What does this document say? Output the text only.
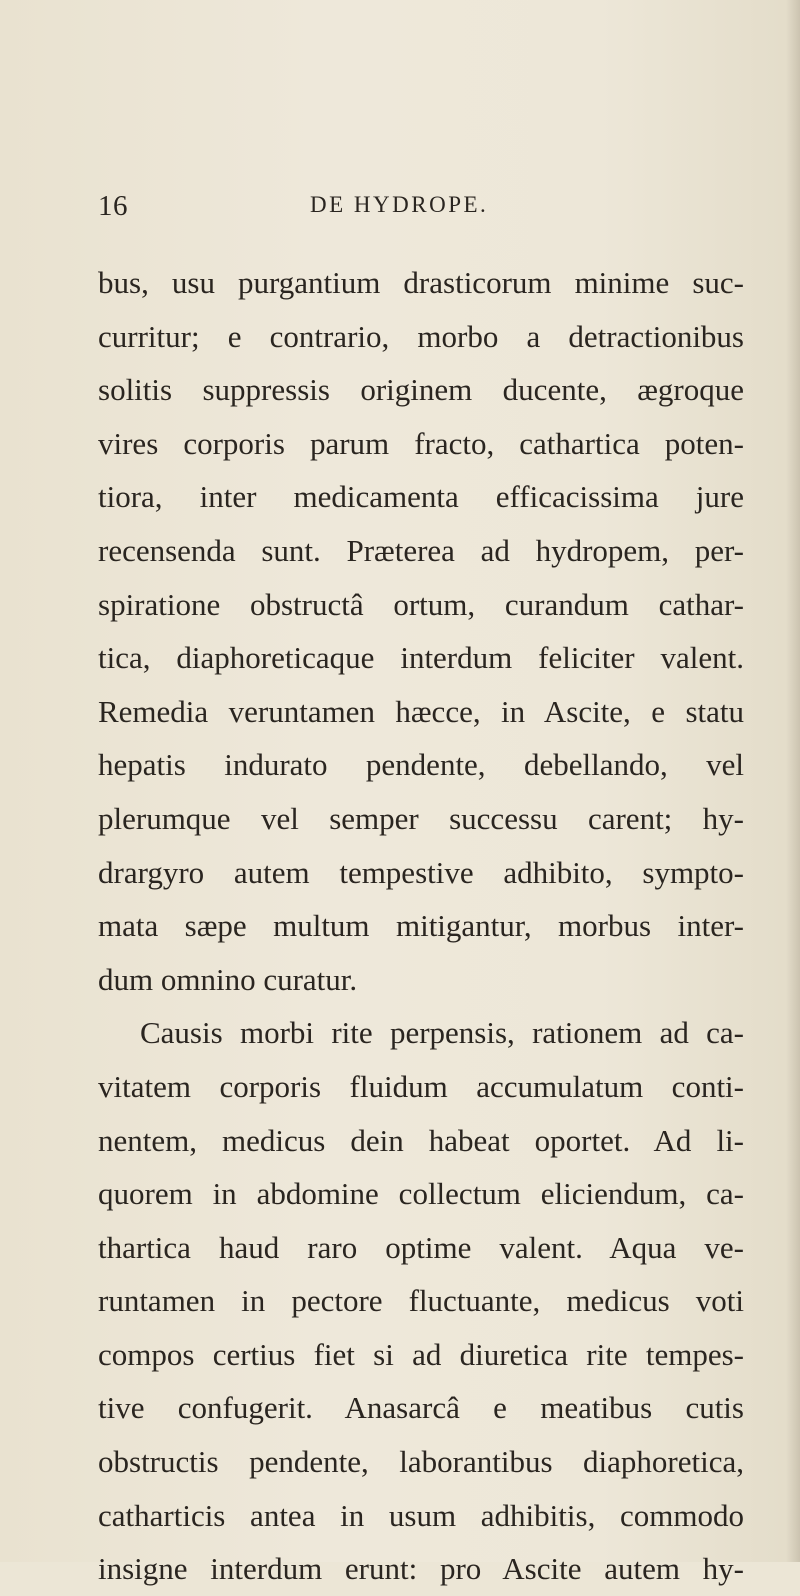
16	DE HYDROPE.
bus, usu purgantium drasticorum minime suc-
curritur; e contrario, morbo a detractionibus
solitis suppressis originem ducente, ægroque
vires corporis parum fracto, cathartica poten-
tiora, inter medicamenta efficacissima jure
recensenda sunt. Præterea ad hydropem, per-
spiratione obstructâ ortum, curandum cathar-
tica, diaphoreticaque interdum feliciter valent.
Remedia veruntamen hæcce, in Ascite, e statu
hepatis indurato pendente, debellando, vel
plerumque vel semper successu carent; hy-
drargyro autem tempestive adhibito, sympto-
mata sæpe multum mitigantur, morbus inter-
dum omnino curatur.
Causis morbi rite perpensis, rationem ad ca-
vitatem corporis fluidum accumulatum conti-
nentem, medicus dein habeat oportet. Ad li-
quorem in abdomine collectum eliciendum, ca-
thartica haud raro optime valent. Aqua ve-
runtamen in pectore fluctuante, medicus voti
compos certius fiet si ad diuretica rite tempes-
tive confugerit. Anasarcâ e meatibus cutis
obstructis pendente, laborantibus diaphoretica,
catharticis antea in usum adhibitis, commodo
insigne interdum erunt: pro Ascite autem hy-
